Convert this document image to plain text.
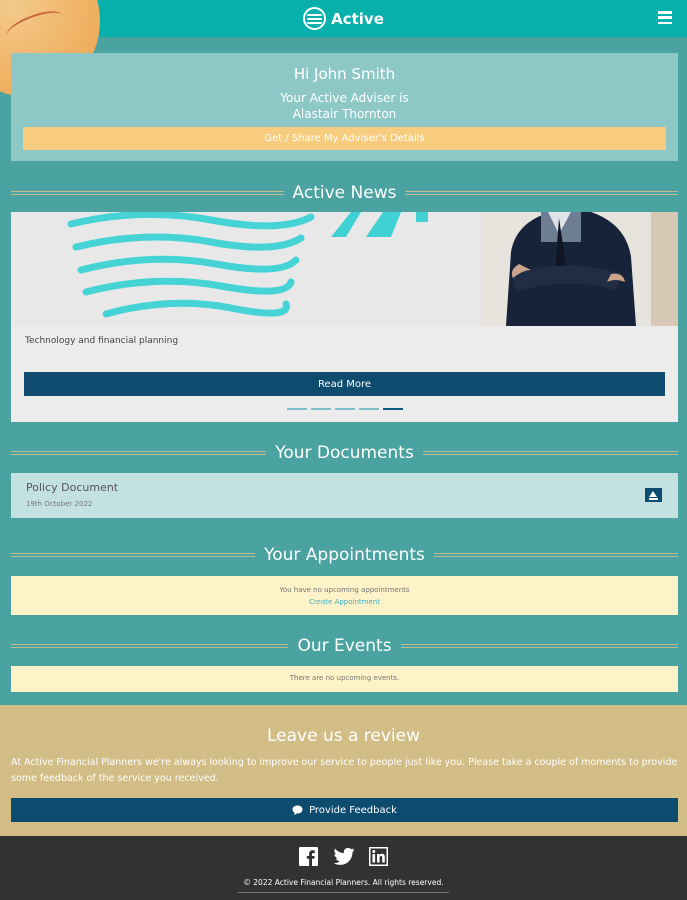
Active
Hi John Smith
Your Active Adviser is
Alastair Thornton
Get / Share My Adviser's Details
Active News
Technology and financial planning
Read More
Your Documents
Policy Document
19th October 2022
Your Appointments
You have no upcoming appointments
Create Appointment
Our Events
There are no upcoming events.
Leave us a review
At Active Financial Planners we're always looking to improve our service to people just like you. Please take a couple of moments to provide some feedback of the service you received.
Provide Feedback
© 2022 Active Financial Planners. All rights reserved.
